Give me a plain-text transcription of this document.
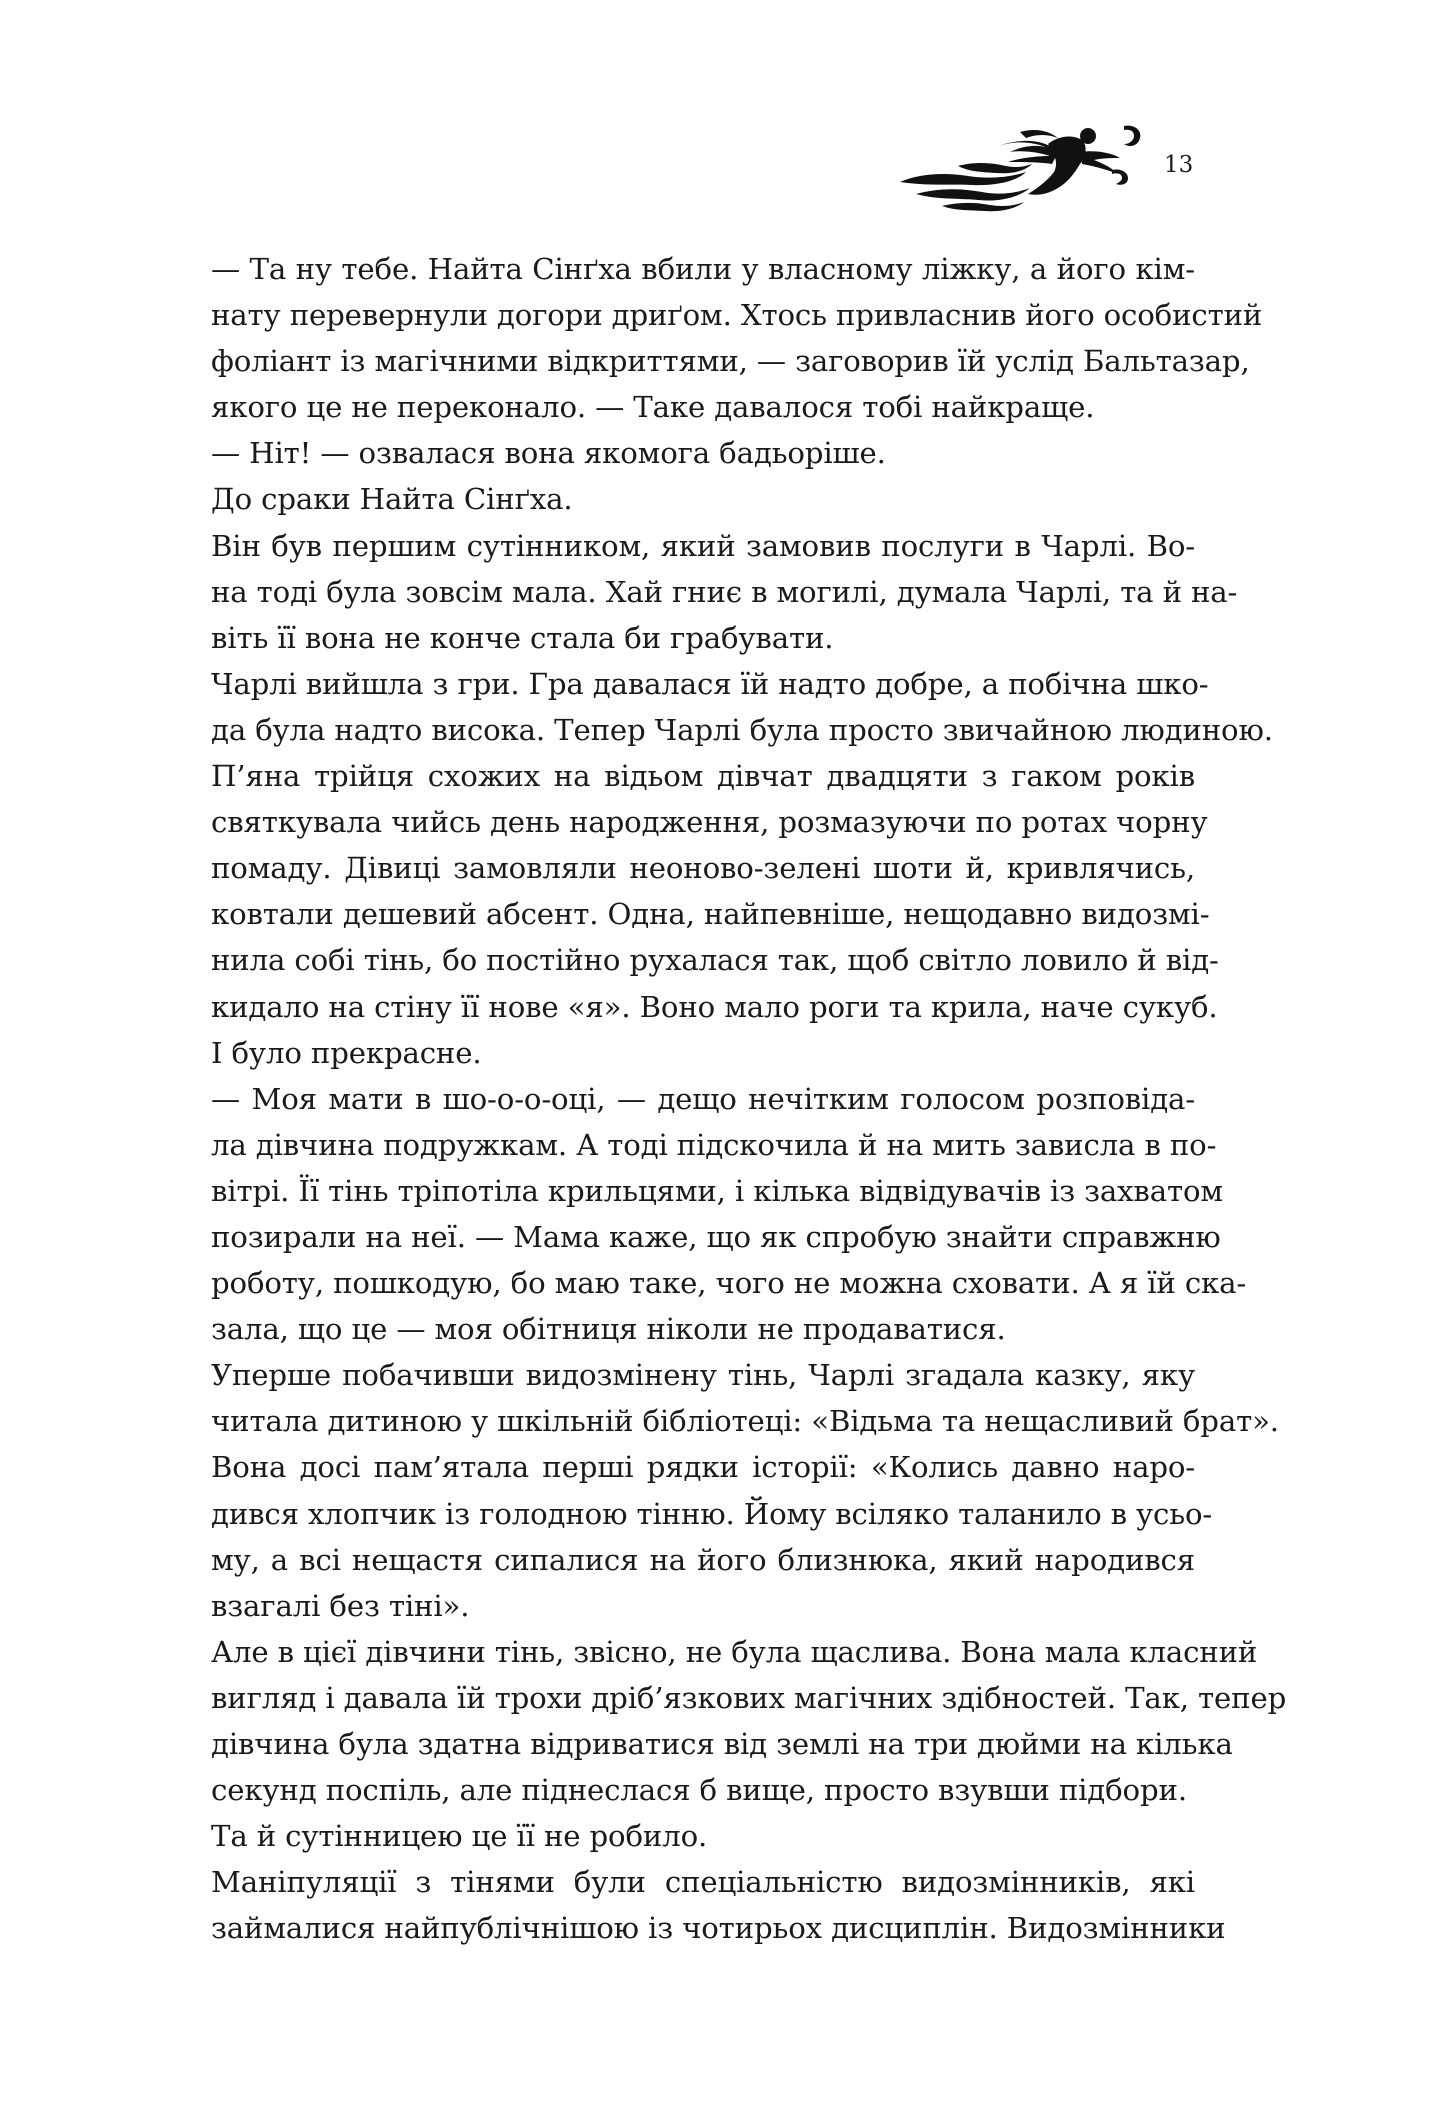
13
— Та ну тебе. Найта Сінґха вбили у власному ліжку, а його кім-
нату перевернули догори дриґом. Хтось привласнив його особистий
фоліант із магічними відкриттями, — заговорив їй услід Бальтазар,
якого це не переконало. — Таке давалося тобі найкраще.
— Ніт! — озвалася вона якомога бадьоріше.
До сраки Найта Сінґха.
Він був першим сутінником, який замовив послуги в Чарлі. Во-
на тоді була зовсім мала. Хай гниє в могилі, думала Чарлі, та й на-
віть її вона не конче стала би грабувати.
Чарлі вийшла з гри. Гра давалася їй надто добре, а побічна шко-
да була надто висока. Тепер Чарлі була просто звичайною людиною.
П’яна трійця схожих на відьом дівчат двадцяти з гаком років
святкувала чийсь день народження, розмазуючи по ротах чорну
помаду. Дівиці замовляли неоново-зелені шоти й, кривлячись,
ковтали дешевий абсент. Одна, найпевніше, нещодавно видозмі-
нила собі тінь, бо постійно рухалася так, щоб світло ловило й від-
кидало на стіну її нове «я». Воно мало роги та крила, наче сукуб.
І було прекрасне.
— Моя мати в шо-о-о-оці, — дещо нечітким голосом розповіда-
ла дівчина подружкам. А тоді підскочила й на мить зависла в по-
вітрі. Її тінь тріпотіла крильцями, і кілька відвідувачів із захватом
позирали на неї. — Мама каже, що як спробую знайти справжню
роботу, пошкодую, бо маю таке, чого не можна сховати. А я їй ска-
зала, що це — моя обітниця ніколи не продаватися.
Уперше побачивши видозмінену тінь, Чарлі згадала казку, яку
читала дитиною у шкільній бібліотеці: «Відьма та нещасливий брат».
Вона досі пам’ятала перші рядки історії: «Колись давно наро-
дився хлопчик із голодною тінню. Йому всіляко таланило в усьо-
му, а всі нещастя сипалися на його близнюка, який народився
взагалі без тіні».
Але в цієї дівчини тінь, звісно, не була щаслива. Вона мала класний
вигляд і давала їй трохи дріб’язкових магічних здібностей. Так, тепер
дівчина була здатна відриватися від землі на три дюйми на кілька
секунд поспіль, але піднеслася б вище, просто взувши підбори.
Та й сутінницею це її не робило.
Маніпуляції з тінями були спеціальністю видозмінників, які
займалися найпублічнішою із чотирьох дисциплін. Видозмінники
